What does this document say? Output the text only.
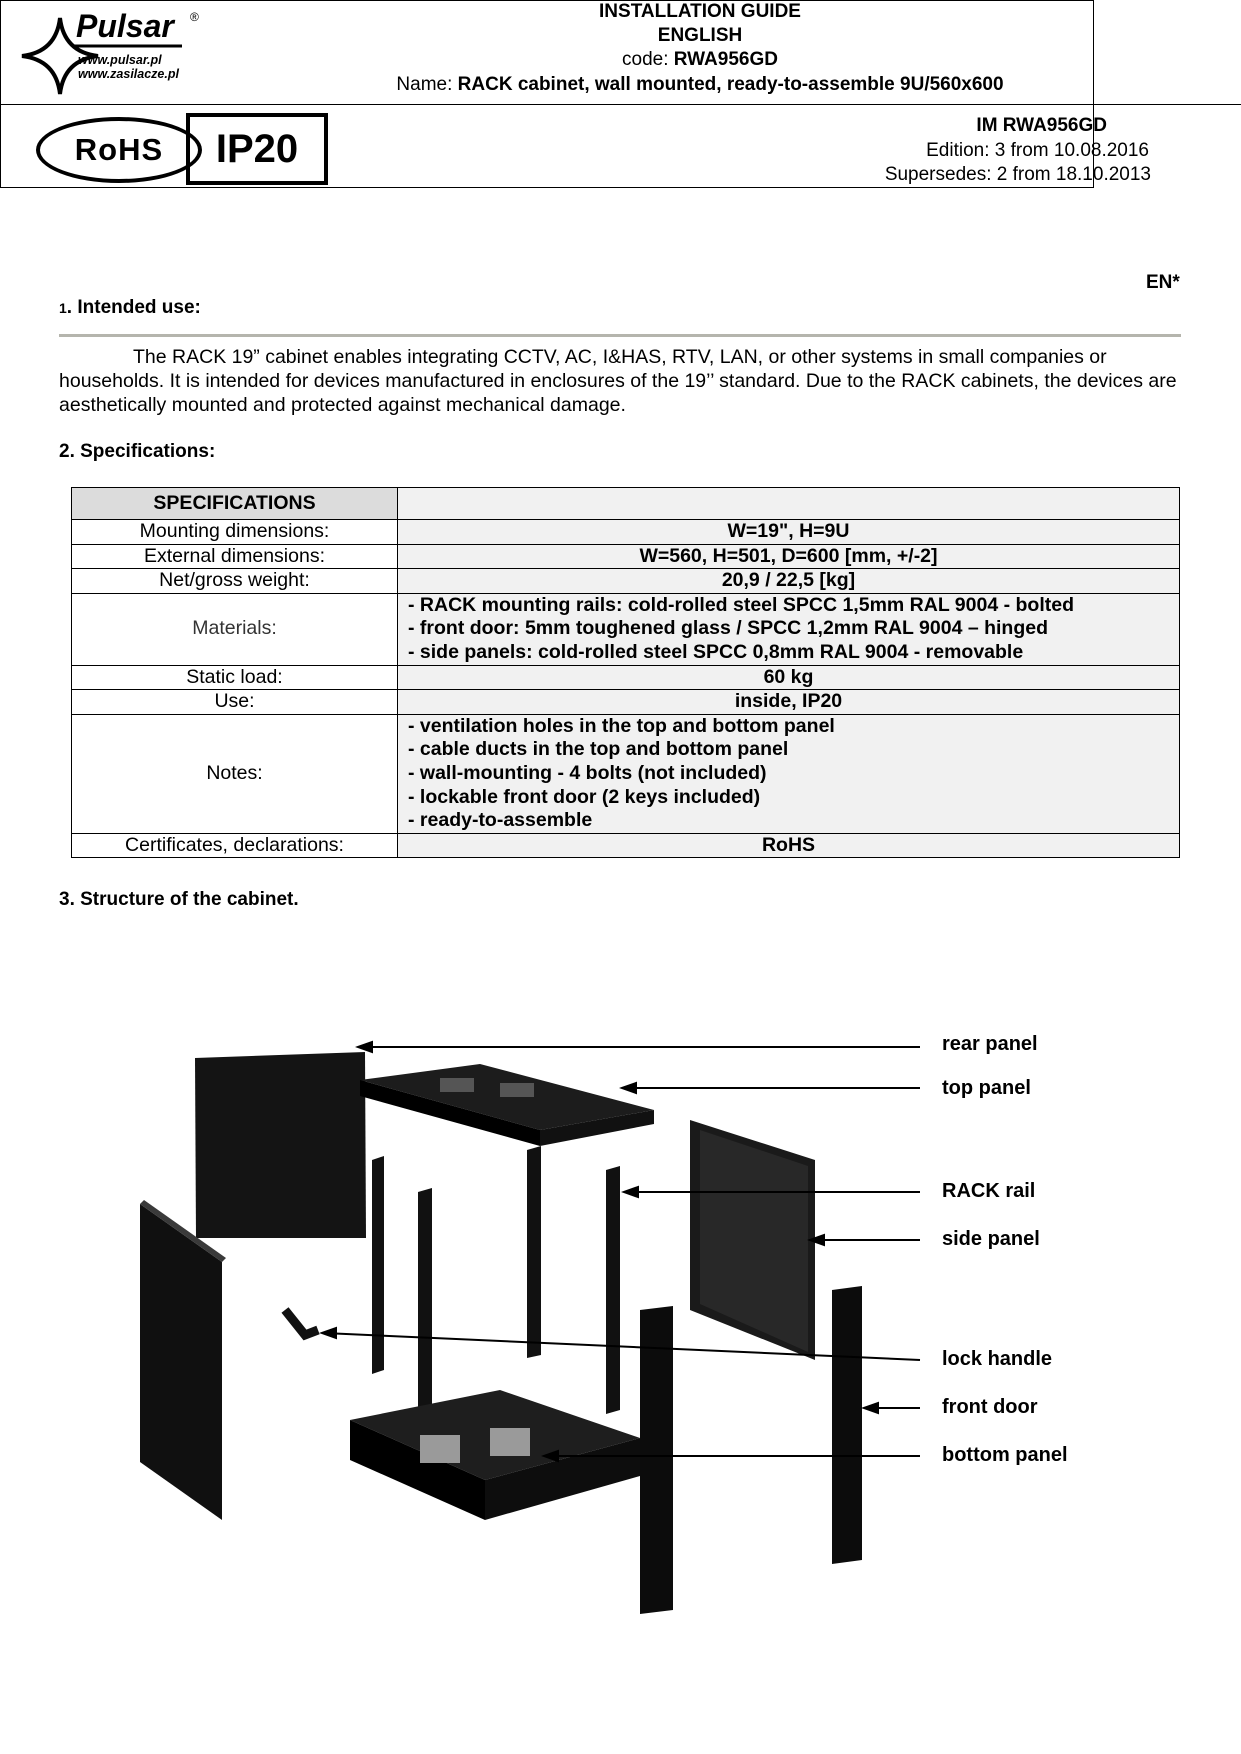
Pulsar ®
www.pulsar.pl
www.zasilacze.pl
INSTALLATION GUIDE
ENGLISH
code: RWA956GD
Name: RACK cabinet, wall mounted, ready-to-assemble 9U/560x600
RoHS	IP20
IM RWA956GD
Edition: 3 from 10.08.2016
Supersedes: 2 from 18.10.2013
EN*
1. Intended use:
The RACK 19” cabinet enables integrating CCTV, AC, I&HAS, RTV, LAN, or other systems in small companies or households. It is intended for devices manufactured in enclosures of the 19’’ standard. Due to the RACK cabinets, the devices are aesthetically mounted and protected against mechanical damage.
2. Specifications:
SPECIFICATIONS	
Mounting dimensions:	W=19", H=9U
External dimensions:	W=560, H=501, D=600 [mm, +/-2]
Net/gross weight:	20,9 / 22,5 [kg]
Materials:	- RACK mounting rails: cold-rolled steel SPCC 1,5mm RAL 9004 - bolted
- front door: 5mm toughened glass / SPCC 1,2mm RAL 9004 – hinged
- side panels: cold-rolled steel SPCC 0,8mm RAL 9004 - removable

Static load:	60 kg
Use:	inside, IP20
Notes:	- ventilation holes in the top and bottom panel
- cable ducts in the top and bottom panel
- wall-mounting - 4 bolts (not included)
- lockable front door (2 keys included)
- ready-to-assemble

Certificates, declarations:	RoHS
3. Structure of the cabinet.
rear panel
top panel
RACK rail
side panel
lock handle
front door
bottom panel
